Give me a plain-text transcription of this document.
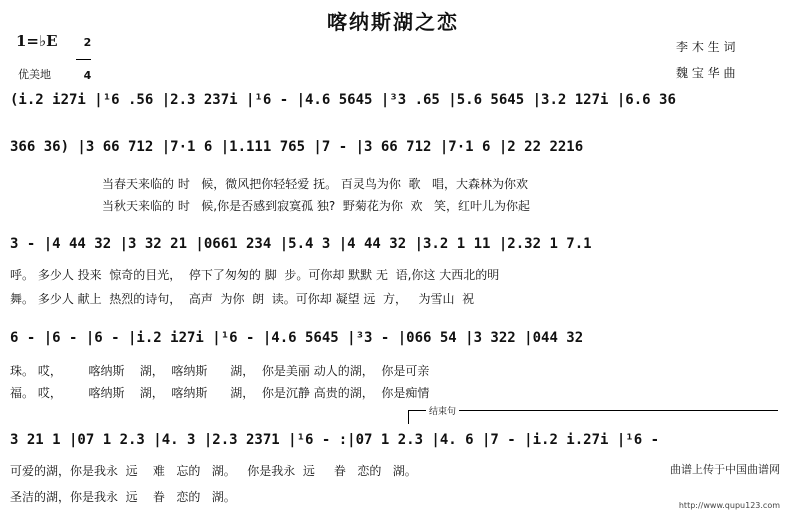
喀纳斯湖之恋
1=♭E	2

4

优美地
李 木 生 词
魏 宝 华 曲
(i.2 i27i |¹6 .56 |2.3 237i |¹6 - |4.6 5645 |³3 .65 |5.6 5645 |3.2 127i |6.6 36
366 36) |3 66 712 |7·1 6 |1.111 765 |7 - |3 66 712 |7·1 6 |2 22 2216
当春天来临的 时   候，微风把你轻轻爱 抚。 百灵鸟为你  歌   唱，大森林为你欢
当秋天来临的 时   候,你是否感到寂寞孤 独?  野菊花为你  欢   笑，红叶儿为你起
3 - |4 44 32 |3 32 21 |0661 234 |5.4 3 |4 44 32 |3.2 1 11 |2.32 1 7.1
呼。 多少人 投来  惊奇的目光，  停下了匆匆的 脚  步。可你却 默默 无  语,你这 大西北的明
舞。 多少人 献上  热烈的诗句，  高声  为你  朗  读。可你却 凝望 远  方，   为雪山  祝
6 - |6 - |6 - |i.2 i27i |¹6 - |4.6 5645 |³3 - |066 54 |3 322 |044 32
珠。 哎，       喀纳斯    湖，  喀纳斯      湖，  你是美丽 动人的湖，  你是可亲
福。 哎，       喀纳斯    湖，  喀纳斯      湖，  你是沉静 高贵的湖，  你是痴情
结束句
3 21 1 |07 1 2.3 |4. 3 |2.3 2371 |¹6 - :|07 1 2.3 |4. 6 |7 - |i.2 i.27i |¹6 -
可爱的湖，你是我永  远    难   忘的   湖。   你是我永  远     眷   恋的   湖。
圣洁的湖，你是我永  远    眷   恋的   湖。

曲谱上传于中国曲谱网

http://www.qupu123.com
